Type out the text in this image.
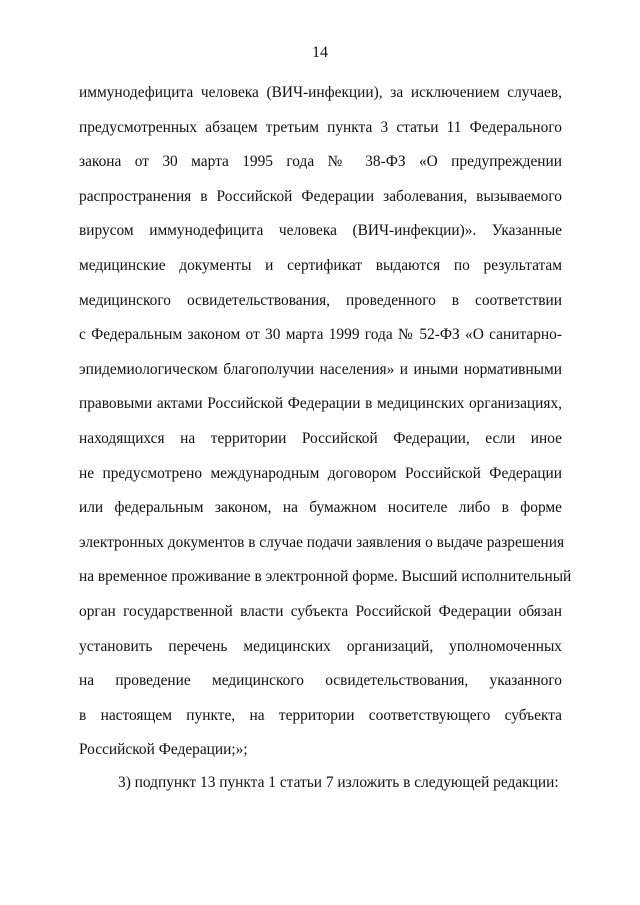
14
иммунодефицита человека (ВИЧ-инфекции), за исключением случаев,
предусмотренных абзацем третьим пункта 3 статьи 11 Федерального
закона от 30 марта 1995 года № 38-ФЗ «О предупреждении
распространения в Российской Федерации заболевания, вызываемого
вирусом иммунодефицита человека (ВИЧ-инфекции)». Указанные
медицинские документы и сертификат выдаются по результатам
медицинского освидетельствования, проведенного в соответствии
с Федеральным законом от 30 марта 1999 года № 52-ФЗ «О санитарно-
эпидемиологическом благополучии населения» и иными нормативными
правовыми актами Российской Федерации в медицинских организациях,
находящихся на территории Российской Федерации, если иное
не предусмотрено международным договором Российской Федерации
или федеральным законом, на бумажном носителе либо в форме
электронных документов в случае подачи заявления о выдаче разрешения
на временное проживание в электронной форме. Высший исполнительный
орган государственной власти субъекта Российской Федерации обязан
установить перечень медицинских организаций, уполномоченных
на проведение медицинского освидетельствования, указанного
в настоящем пункте, на территории соответствующего субъекта
Российской Федерации;»;
3) подпункт 13 пункта 1 статьи 7 изложить в следующей редакции:
